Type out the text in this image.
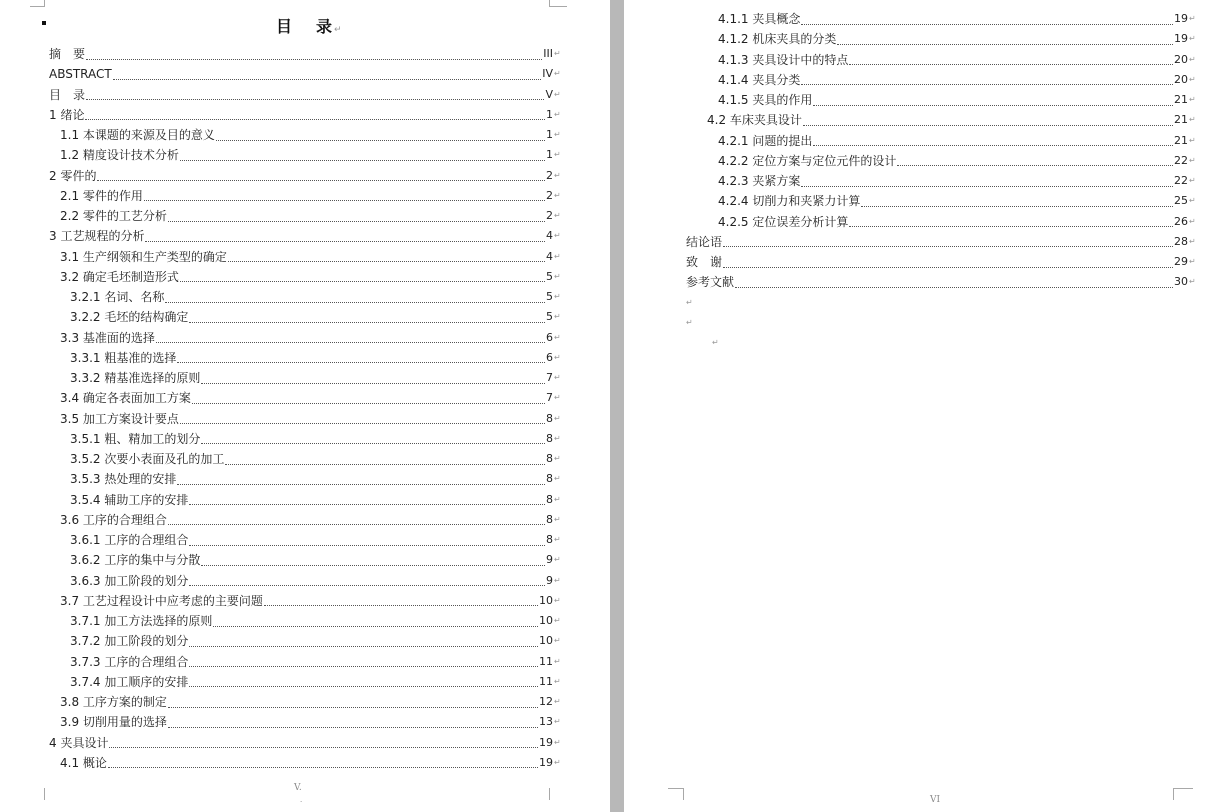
目　录↵
摘　要	III ↵
ABSTRACT	IV ↵
目　录	V ↵
1 绪论	1 ↵
1.1 本课题的来源及目的意义	1 ↵
1.2 精度设计技术分析	1 ↵
2 零件的	2 ↵
2.1 零件的作用	2 ↵
2.2 零件的工艺分析	2 ↵
3 工艺规程的分析	4 ↵
3.1 生产纲领和生产类型的确定	4 ↵
3.2 确定毛坯制造形式	5 ↵
3.2.1 名词、名称	5 ↵
3.2.2 毛坯的结构确定	5 ↵
3.3 基准面的选择	6 ↵
3.3.1 粗基准的选择	6 ↵
3.3.2 精基准选择的原则	7 ↵
3.4 确定各表面加工方案	7 ↵
3.5 加工方案设计要点	8 ↵
3.5.1 粗、精加工的划分	8 ↵
3.5.2 次要小表面及孔的加工	8 ↵
3.5.3 热处理的安排	8 ↵
3.5.4 辅助工序的安排	8 ↵
3.6 工序的合理组合	8 ↵
3.6.1 工序的合理组合	8 ↵
3.6.2 工序的集中与分散	9 ↵
3.6.3 加工阶段的划分	9 ↵
3.7 工艺过程设计中应考虑的主要问题	10 ↵
3.7.1 加工方法选择的原则	10 ↵
3.7.2 加工阶段的划分	10 ↵
3.7.3 工序的合理组合	11 ↵
3.7.4 加工顺序的安排	11 ↵
3.8 工序方案的制定	12 ↵
3.9 切削用量的选择	13 ↵
4 夹具设计	19 ↵
4.1 概论	19 ↵
V.
.
4.1.1 夹具概念	19 ↵
4.1.2 机床夹具的分类	19 ↵
4.1.3 夹具设计中的特点	20 ↵
4.1.4 夹具分类	20 ↵
4.1.5 夹具的作用	21 ↵
4.2 车床夹具设计	21 ↵
4.2.1 问题的提出	21 ↵
4.2.2 定位方案与定位元件的设计	22 ↵
4.2.3 夹紧方案	22 ↵
4.2.4 切削力和夹紧力计算	25 ↵
4.2.5 定位误差分析计算	26 ↵
结论语	28 ↵
致　谢	29 ↵
参考文献	30 ↵
↵
↵
↵
VI
